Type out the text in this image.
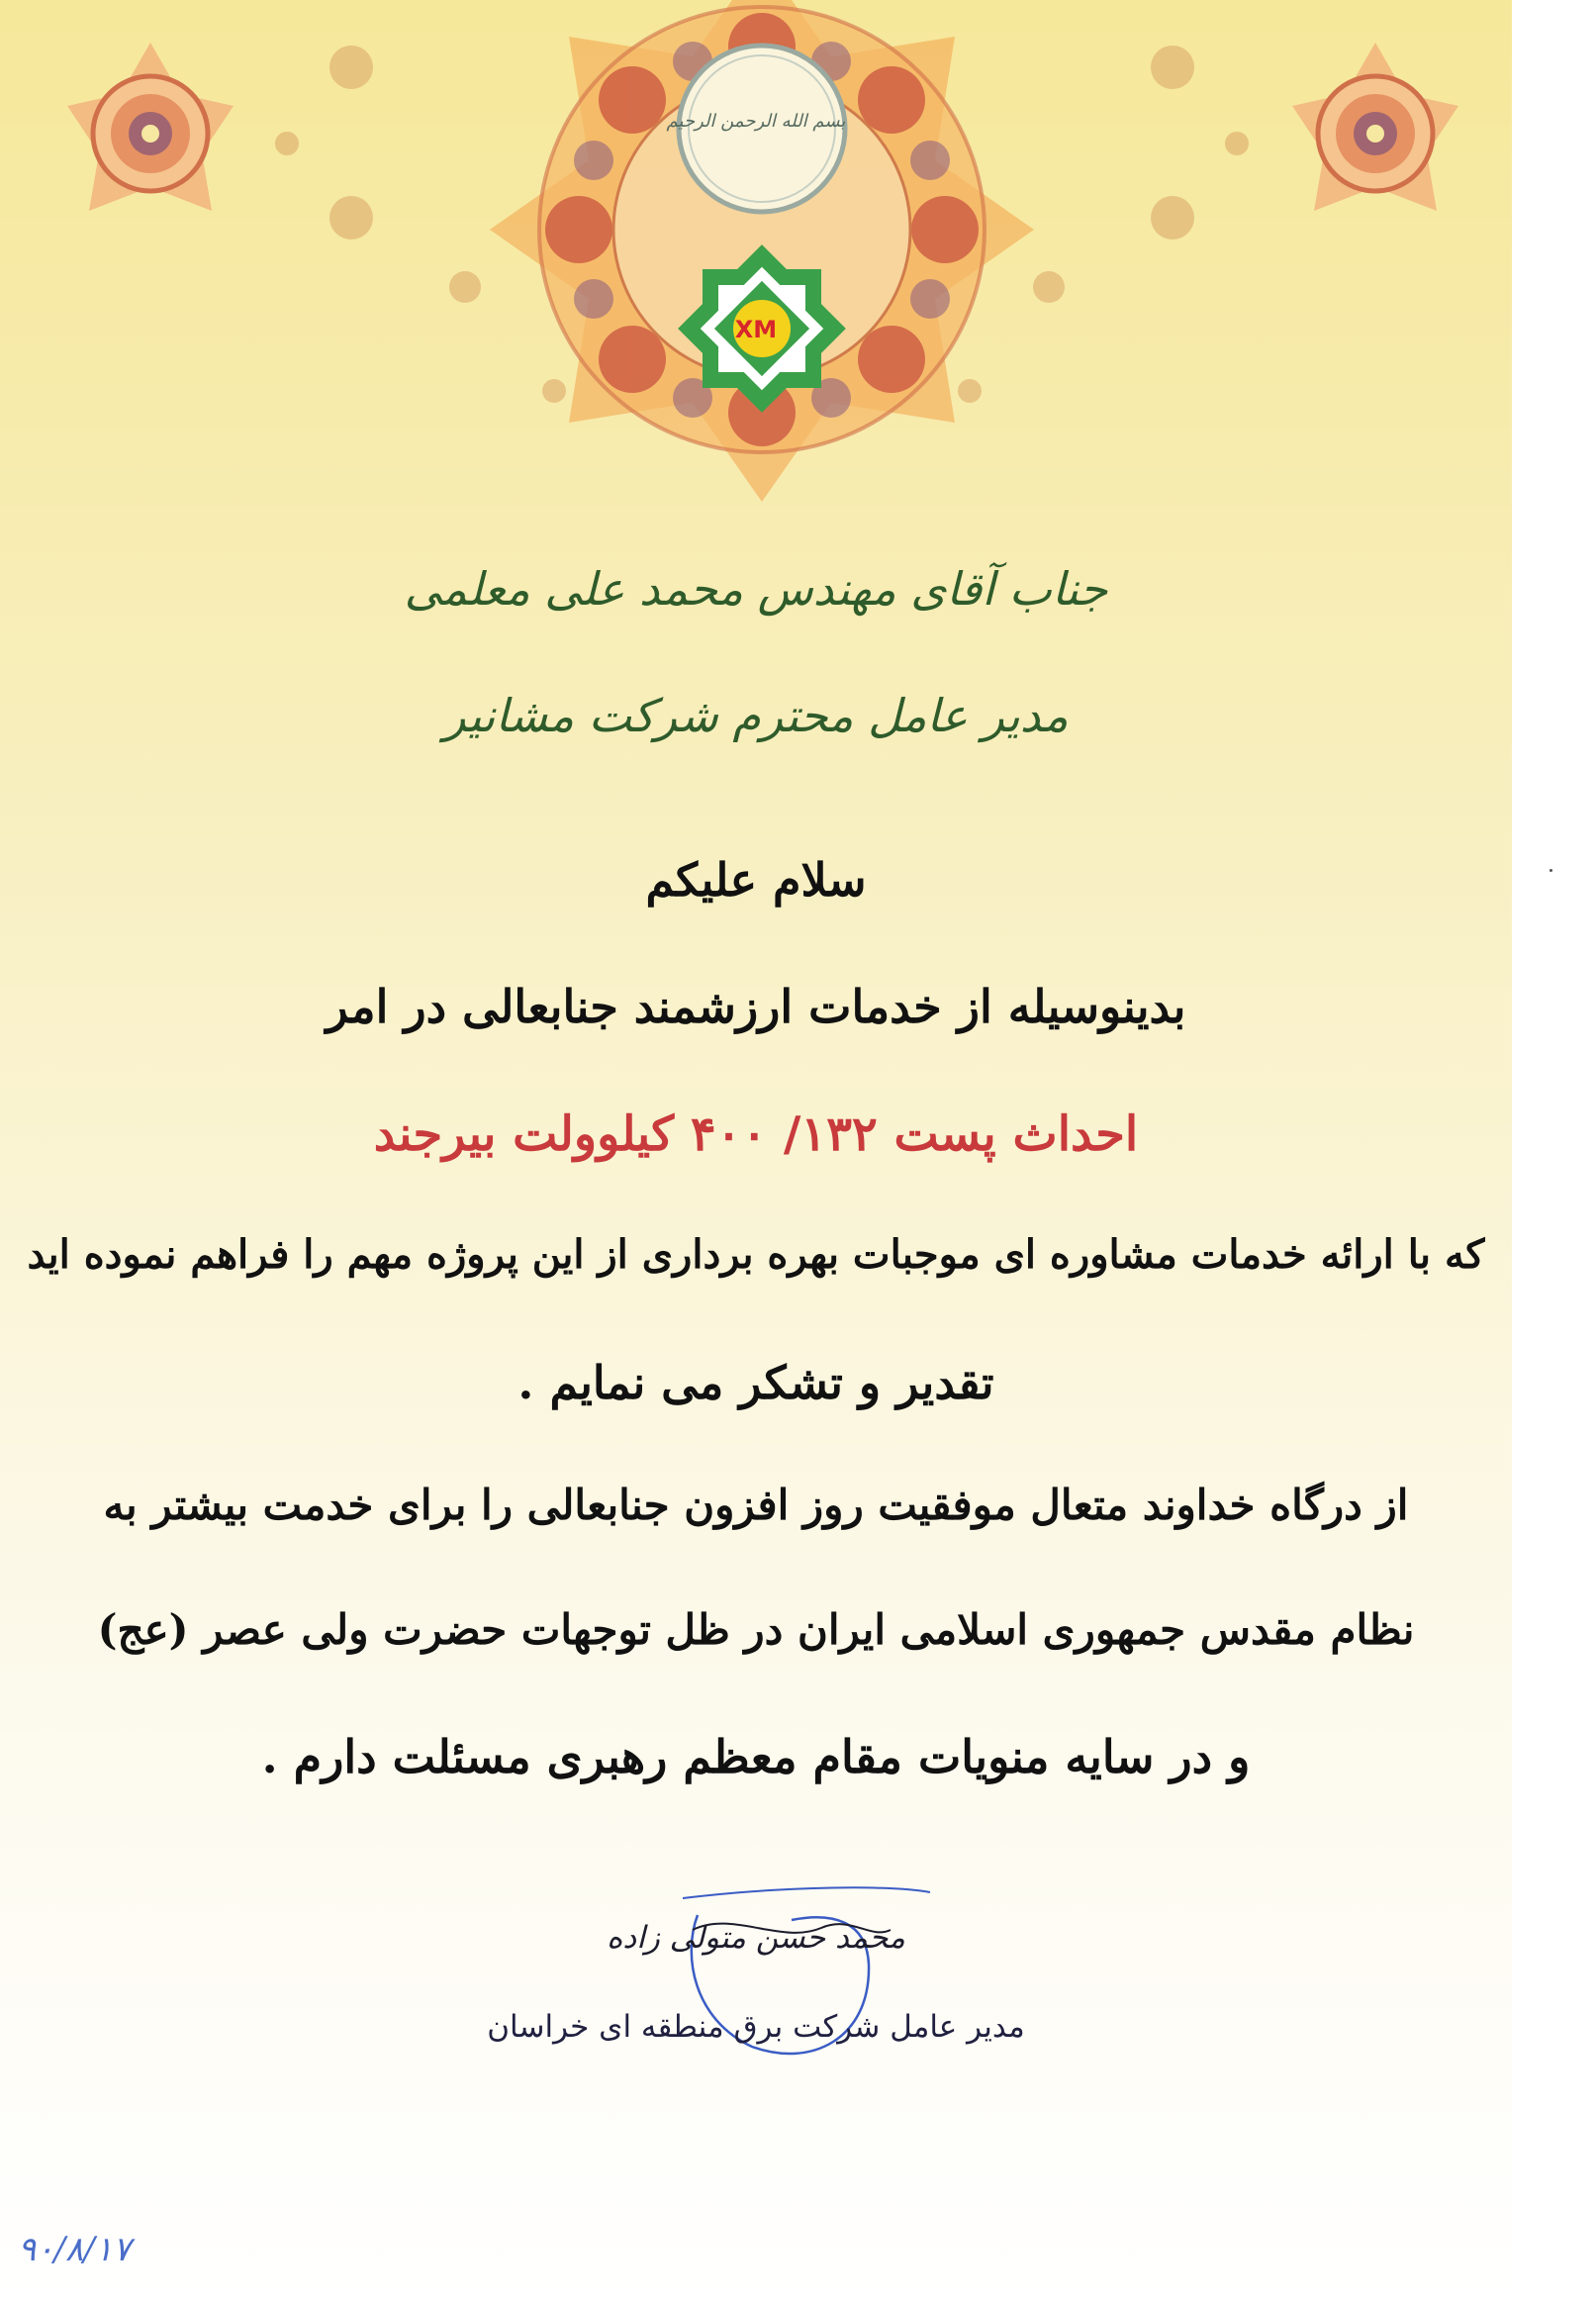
بسم الله الرحمن الرحیم
XM
جناب آقای مهندس محمد علی معلمی
مدیر عامل محترم شرکت مشانیر
سلام علیکم
بدینوسیله از خدمات ارزشمند جنابعالی در امر
احداث پست ۱۳۲/ ۴۰۰ کیلوولت بیرجند
که با ارائه خدمات مشاوره ای موجبات بهره برداری از این پروژه مهم را فراهم نموده اید
تقدیر و تشکر می نمایم .
از درگاه خداوند متعال موفقیت روز افزون جنابعالی را برای خدمت بیشتر به
نظام مقدس جمهوری اسلامی ایران در ظل توجهات حضرت ولی عصر (عج)
و در سایه منویات مقام معظم رهبری مسئلت دارم .
محمد حسن متولی زاده
مدیر عامل شرکت برق منطقه ای خراسان
۹۰/۸/۱۷
